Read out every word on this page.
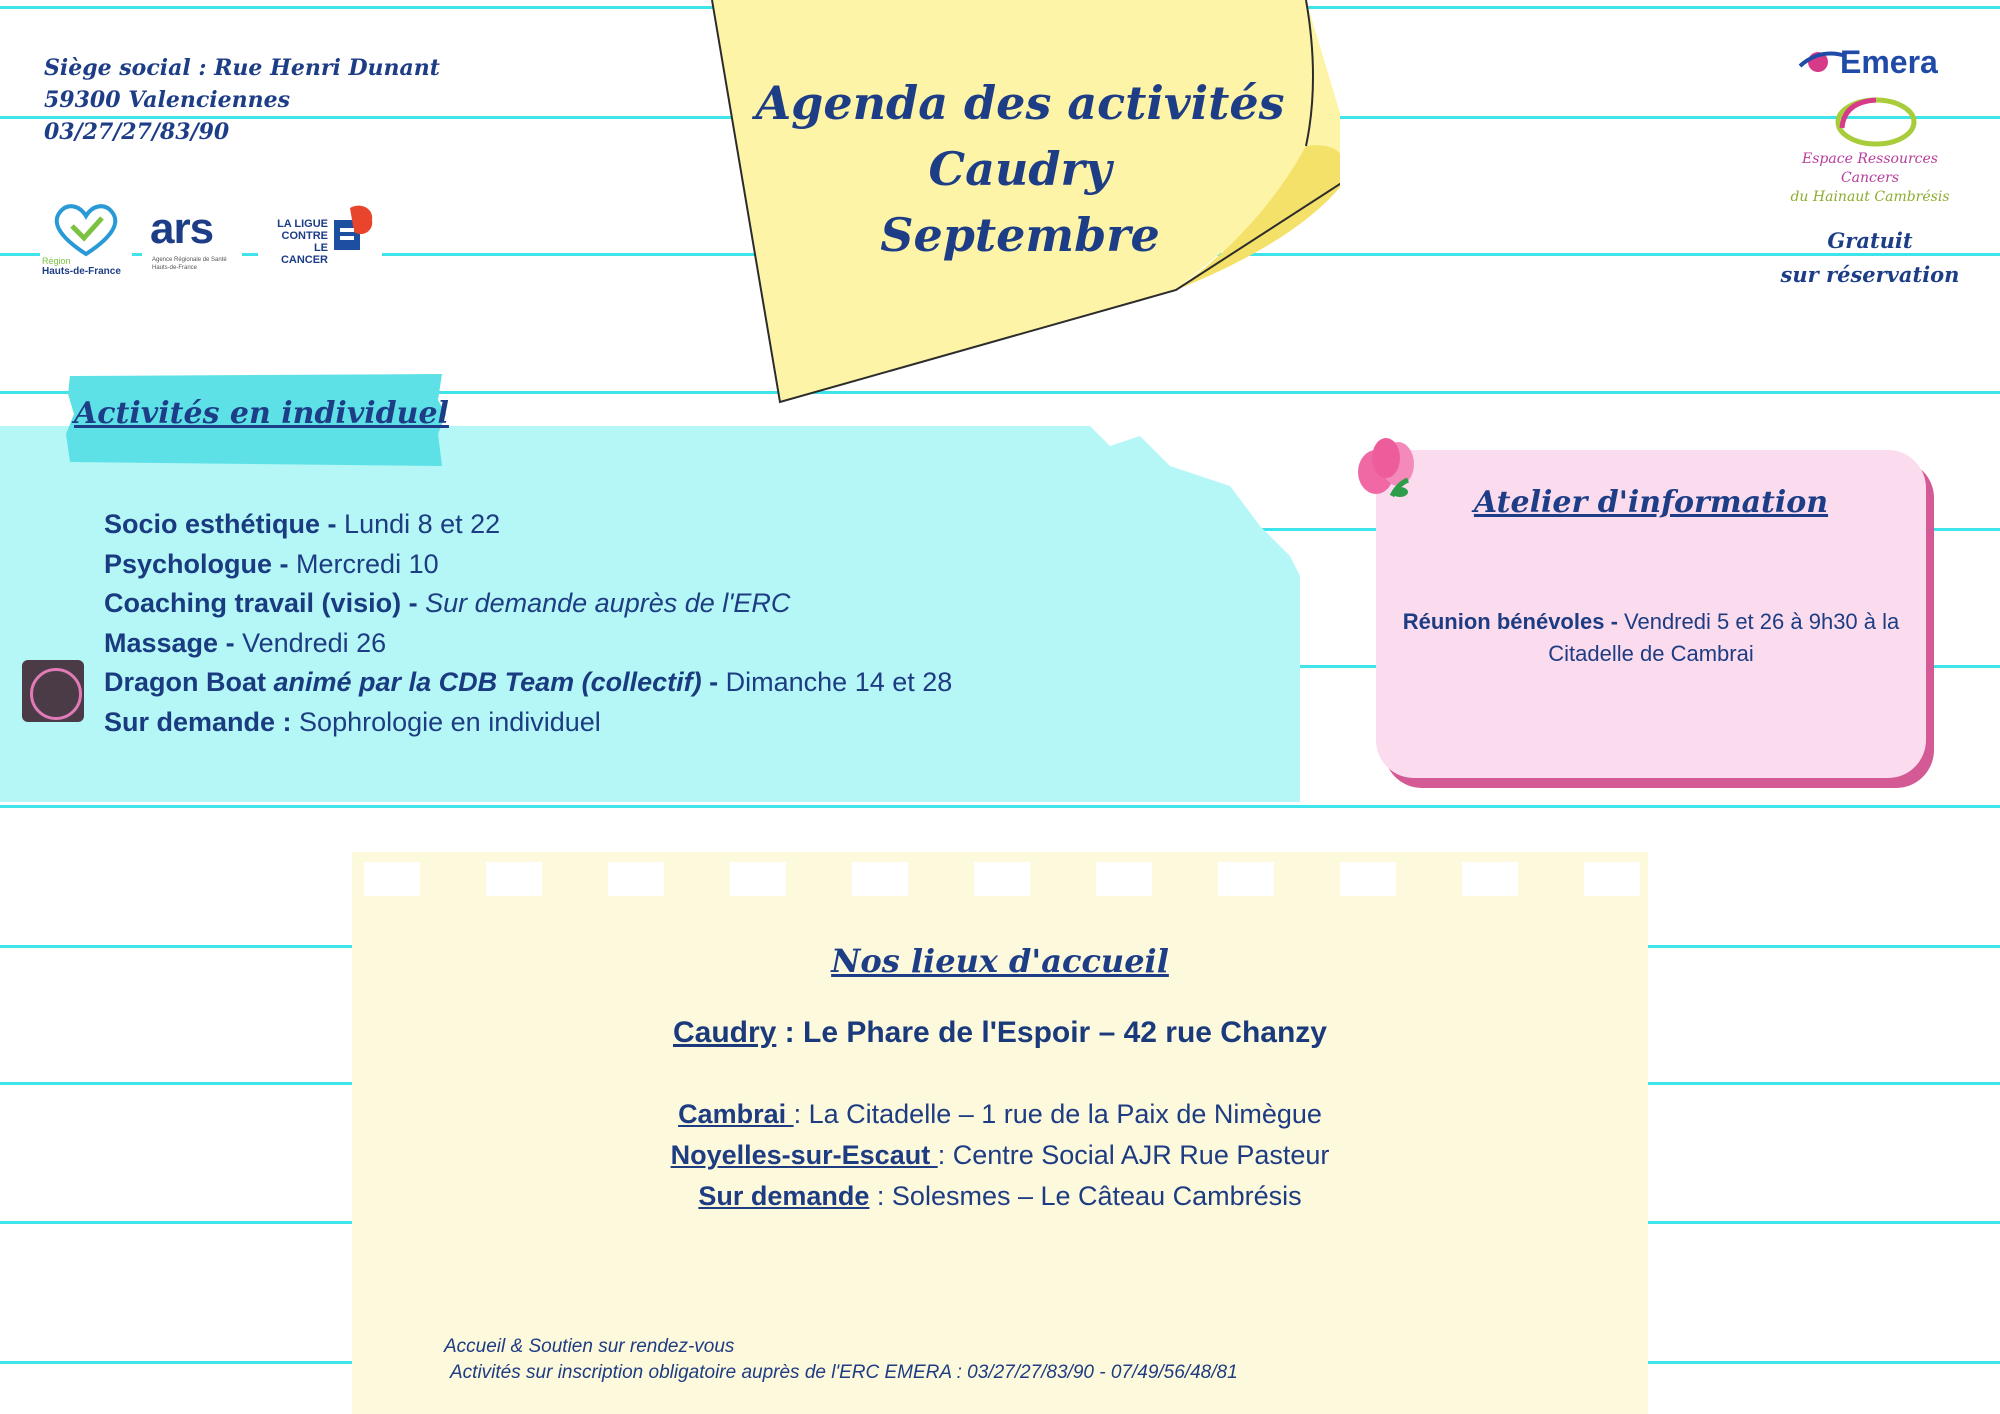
Siège social : Rue Henri Dunant
59300 Valenciennes
03/27/27/83/90
Région
Hauts-de-France
ars
Agence Régionale de Santé
Hauts-de-France
LA LIGUE
CONTRE
LE CANCER
Agenda des activités
Caudry
Septembre
Emera
Espace Ressources
Cancers
du Hainaut Cambrésis
Gratuit
sur réservation
Activités en individuel
Socio esthétique - Lundi 8 et 22
Psychologue - Mercredi 10
Coaching travail (visio) - Sur demande auprès de l'ERC
Massage - Vendredi 26
Dragon Boat animé par la CDB Team (collectif) - Dimanche 14 et 28
Sur demande : Sophrologie en individuel
Atelier d'information
Réunion bénévoles - Vendredi 5 et 26 à 9h30 à la Citadelle de Cambrai
Nos lieux d'accueil
Caudry : Le Phare de l'Espoir – 42 rue Chanzy
Cambrai : La Citadelle – 1 rue de la Paix de Nimègue
Noyelles-sur-Escaut : Centre Social AJR Rue Pasteur
Sur demande : Solesmes – Le Câteau Cambrésis
Accueil & Soutien sur rendez-vous
Activités sur inscription obligatoire auprès de l'ERC EMERA : 03/27/27/83/90 - 07/49/56/48/81
